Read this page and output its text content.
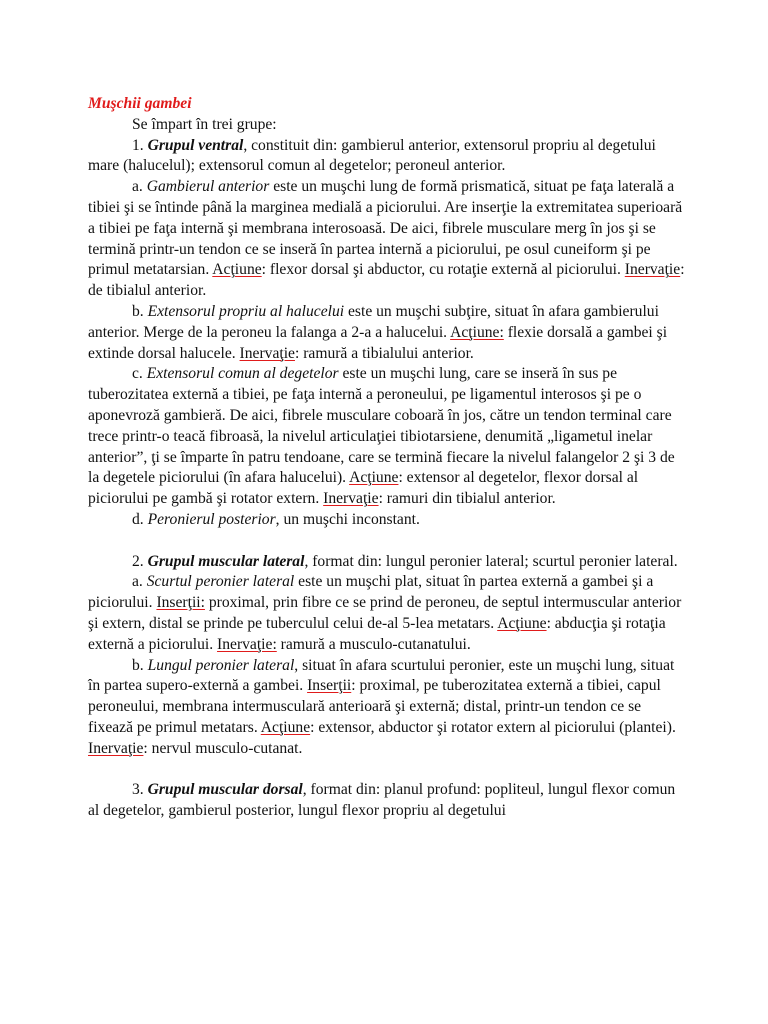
Muşchii gambei

Se împart în trei grupe:

1. Grupul ventral, constituit din: gambierul anterior, extensorul propriu al degetului mare (halucelul); extensorul comun al degetelor; peroneul anterior.

a. Gambierul anterior este un muşchi lung de formă prismatică, situat pe faţa laterală a tibiei şi se întinde până la marginea medială a piciorului. Are inserţie la extremitatea superioară a tibiei pe faţa internă şi membrana interosoasă. De aici, fibrele musculare merg în jos şi se termină printr-un tendon ce se inseră în partea internă a piciorului, pe osul cuneiform şi pe primul metatarsian. Acţiune: flexor dorsal şi abductor, cu rotaţie externă al piciorului. Inervaţie: de tibialul anterior.

b. Extensorul propriu al halucelui este un muşchi subţire, situat în afara gambierului anterior. Merge de la peroneu la falanga a 2-a a halucelui. Acţiune: flexie dorsală a gambei şi extinde dorsal halucele. Inervaţie: ramură a tibialului anterior.

c. Extensorul comun al degetelor este un muşchi lung, care se inseră în sus pe tuberozitatea externă a tibiei, pe faţa internă a peroneului, pe ligamentul interosos şi pe o aponevroză gambieră. De aici, fibrele musculare coboară în jos, către un tendon terminal care trece printr-o teacă fibroasă, la nivelul articulaţiei tibiotarsiene, denumită „ligametul inelar anterior”, ţi se împarte în patru tendoane, care se termină fiecare la nivelul falangelor 2 şi 3 de la degetele piciorului (în afara halucelui). Acţiune: extensor al degetelor, flexor dorsal al piciorului pe gambă şi rotator extern. Inervaţie: ramuri din tibialul anterior.

d. Peronierul posterior, un muşchi inconstant.

2. Grupul muscular lateral, format din: lungul peronier lateral; scurtul peronier lateral.

a. Scurtul peronier lateral este un muşchi plat, situat în partea externă a gambei şi a piciorului. Inserţii: proximal, prin fibre ce se prind de peroneu, de septul intermuscular anterior şi extern, distal se prinde pe tuberculul celui de-al 5-lea metatars. Acţiune: abducţia şi rotaţia externă a piciorului. Inervaţie: ramură a musculo-cutanatului.

b. Lungul peronier lateral, situat în afara scurtului peronier, este un muşchi lung, situat în partea supero-externă a gambei. Inserţii: proximal, pe tuberozitatea externă a tibiei, capul peroneului, membrana intermusculară anterioară şi externă; distal, printr-un tendon ce se fixează pe primul metatars. Acţiune: extensor, abductor şi rotator extern al piciorului (plantei). Inervaţie: nervul musculo-cutanat.

3. Grupul muscular dorsal, format din: planul profund: popliteul, lungul flexor comun al degetelor, gambierul posterior, lungul flexor propriu al degetului
